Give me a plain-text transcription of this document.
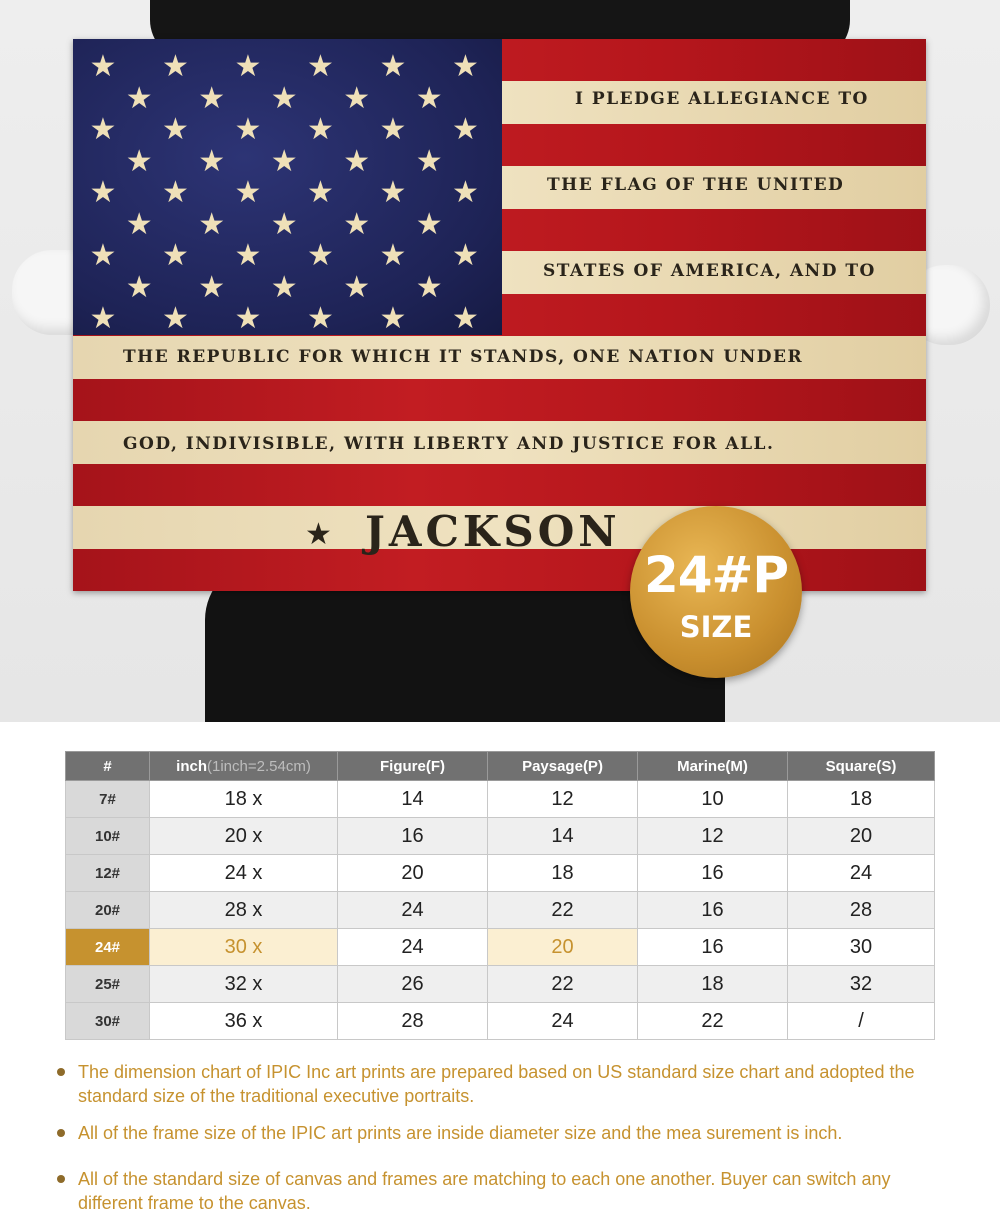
★ ★ ★ ★ ★ ★
★ ★ ★ ★ ★
★ ★ ★ ★ ★ ★
★ ★ ★ ★ ★
★ ★ ★ ★ ★ ★
★ ★ ★ ★ ★
★ ★ ★ ★ ★ ★
★ ★ ★ ★ ★
★ ★ ★ ★ ★ ★
I PLEDGE ALLEGIANCE TO
THE FLAG OF THE UNITED
STATES OF AMERICA, AND TO
THE REPUBLIC FOR WHICH IT STANDS, ONE NATION UNDER
GOD, INDIVISIBLE, WITH LIBERTY AND JUSTICE FOR ALL.
★ JACKSON
24#P
SIZE
#	inch(1inch=2.54cm)	Figure(F)	Paysage(P)	Marine(M)	Square(S)
7#	18 x	14	12	10	18
10#	20 x	16	14	12	20
12#	24 x	20	18	16	24
20#	28 x	24	22	16	28
24#	30 x	24	20	16	30
25#	32 x	26	22	18	32
30#	36 x	28	24	22	/
The dimension chart of IPIC Inc art prints are prepared based on US standard size chart and adopted the standard size of the traditional executive portraits.
All of the frame size of the IPIC art prints are inside diameter size and the mea surement is inch.
All of the standard size of canvas and frames are matching to each one another. Buyer can switch any different frame to the canvas.
